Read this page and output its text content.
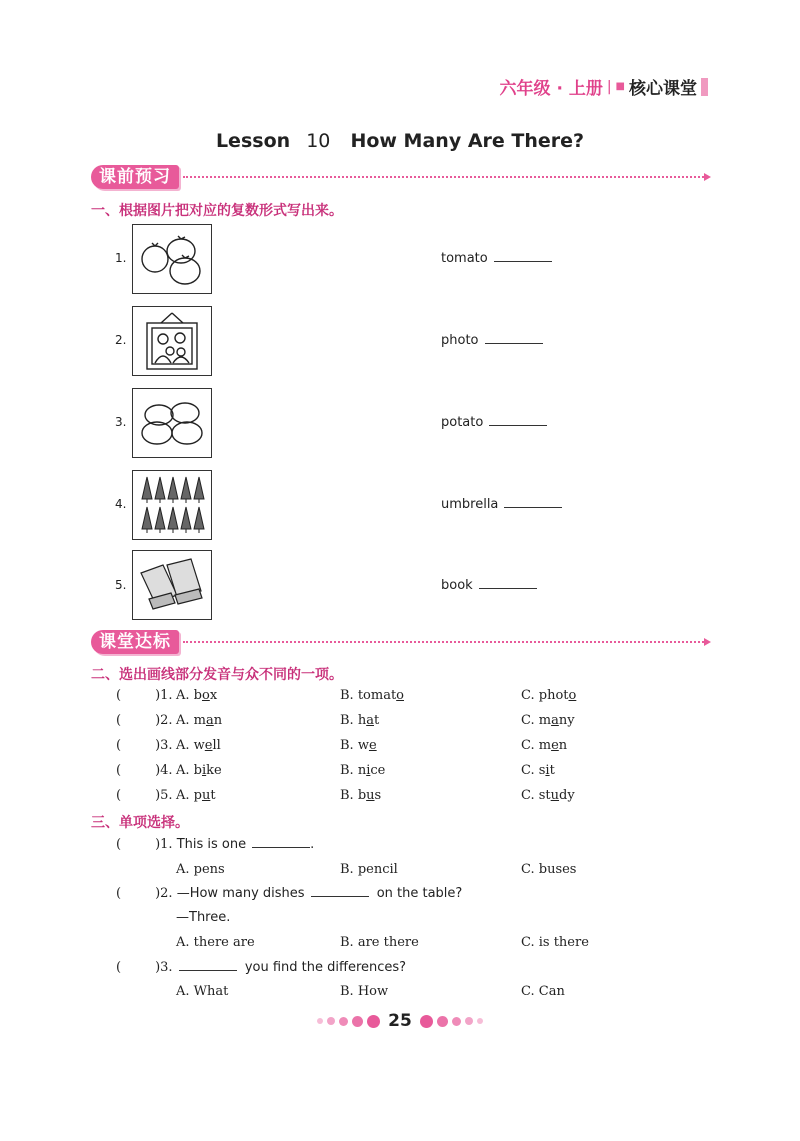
六年级 · 上册 | ■ 核心课堂
Lesson 10 How Many Are There?
课前预习
一、根据图片把对应的复数形式写出来。
1.	tomato
2.	photo
3.	potato
4.	umbrella
5.	book
课堂达标
二、选出画线部分发音与众不同的一项。
(	)1. A. box	B. tomato	C. photo
(	)2. A. man	B. hat	C. many
(	)3. A. well	B. we	C. men
(	)4. A. bike	B. nice	C. sit
(	)5. A. put	B. bus	C. study
三、单项选择。
(	)1. This is one	.
A. pens	B. pencil	C. buses
(	)2. —How many dishes	on the table?
—Three.
A. there are	B. are there	C. is there
(	)3.	you find the differences?
A. What	B. How	C. Can
25
